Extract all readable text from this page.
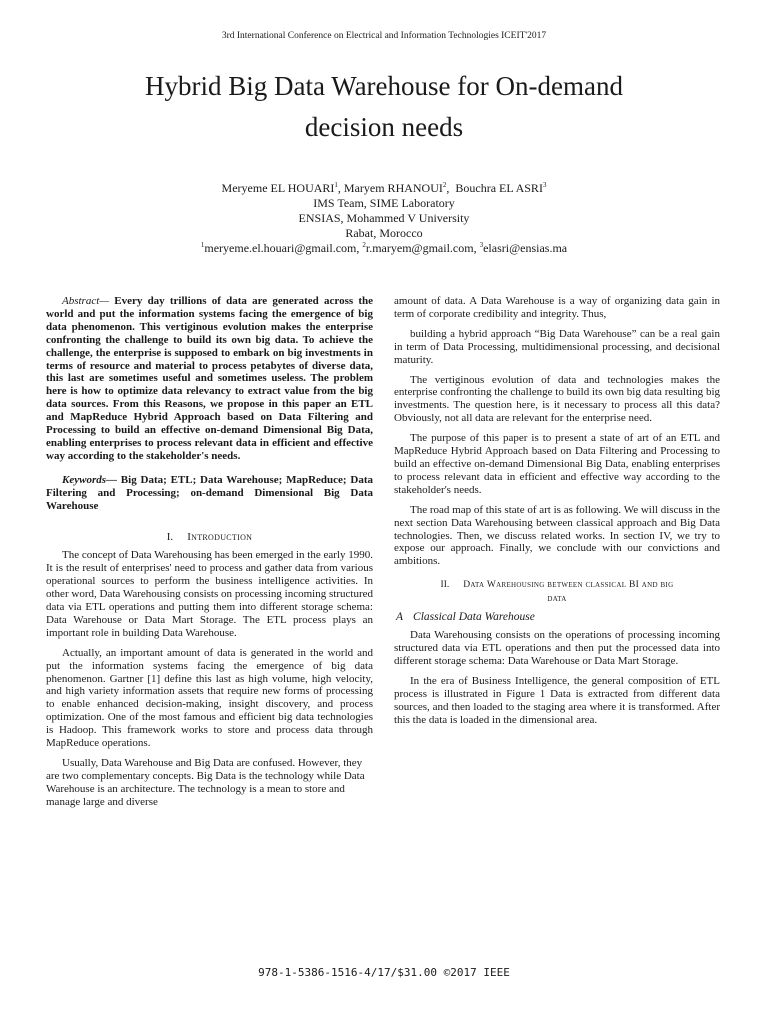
3rd International Conference on Electrical and Information Technologies ICEIT'2017
Hybrid Big Data Warehouse for On-demand
decision needs
Meryeme EL HOUARI$^1$, Maryem RHANOUI$^2$,  Bouchra EL ASRI$^3$
IMS Team, SIME Laboratory
ENSIAS, Mohammed V University
Rabat, Morocco
$^1$meryeme.el.houari@gmail.com, $^2$r.maryem@gmail.com, $^3$elasri@ensias.ma

Abstract— Every day trillions of data are generated across the world and put the information systems facing the emergence of big data phenomenon. This vertiginous evolution makes the enterprise confronting the challenge to build its own big data. To achieve the challenge, the enterprise is supposed to embark on big investments in terms of resource and material to process petabytes of diverse data, this last are sometimes useful and sometimes useless. The problem here is how to optimize data relevancy to extract value from the big data sources. From this Reasons, we propose in this paper an ETL and MapReduce Hybrid Approach based on Data Filtering and Processing to build an effective on-demand Dimensional Big Data, enabling enterprises to process relevant data in efficient and effective way according to the stakeholder's needs.

Keywords— Big Data; ETL; Data Warehouse; MapReduce; Data Filtering and Processing; on-demand Dimensional Big Data Warehouse

I. Introduction

The concept of Data Warehousing has been emerged in the early 1990. It is the result of enterprises' need to process and gather data from various operational sources to perform the business intelligence activities. In other word, Data Warehousing consists on processing incoming structured data via ETL operations and putting them into different storage schema: Data Warehouse or Data Mart Storage. The ETL process plays an important role in building Data Warehouse.

Actually, an important amount of data is generated in the world and put the information systems facing the emergence of big data phenomenon. Gartner [1] define this last as high volume, high velocity, and high variety information assets that require new forms of processing to enable enhanced decision-making, insight discovery, and process optimization. One of the most famous and efficient big data technologies is Hadoop. This framework works to store and process data through MapReduce operations.

Usually, Data Warehouse and Big Data are confused. However, they are two complementary concepts. Big Data is the technology while Data Warehouse is an architecture. The technology is a mean to store and manage large and diverse

amount of data. A Data Warehouse is a way of organizing data gain in term of corporate credibility and integrity. Thus,

building a hybrid approach “Big Data Warehouse” can be a real gain in term of Data Processing, multidimensional processing, and decisional maturity.

The vertiginous evolution of data and technologies makes the enterprise confronting the challenge to build its own big data resulting big investments. The question here, is it necessary to process all this data? Obviously, not all data are relevant for the enterprise need.

The purpose of this paper is to present a state of art of an ETL and MapReduce Hybrid Approach based on Data Filtering and Processing to build an effective on-demand Dimensional Big Data, enabling enterprises to process relevant data in efficient and effective way according to the stakeholder's needs.

The road map of this state of art is as following. We will discuss in the next section Data Warehousing between classical approach and Big Data technologies. Then, we discuss related works. In section IV, we try to expose our approach. Finally, we conclude with our convictions and ambitions.

II. Data Warehousing between classical BI and big
data
A Classical Data Warehouse

Data Warehousing consists on the operations of processing incoming structured data via ETL operations and then put the processed data into different storage schema: Data Warehouse or Data Mart Storage.

In the era of Business Intelligence, the general composition of ETL process is illustrated in Figure 1 Data is extracted from different data sources, and then loaded to the staging area where it is transformed. After this the data is loaded in the dimensional area.

978-1-5386-1516-4/17/$31.00 ©2017 IEEE
